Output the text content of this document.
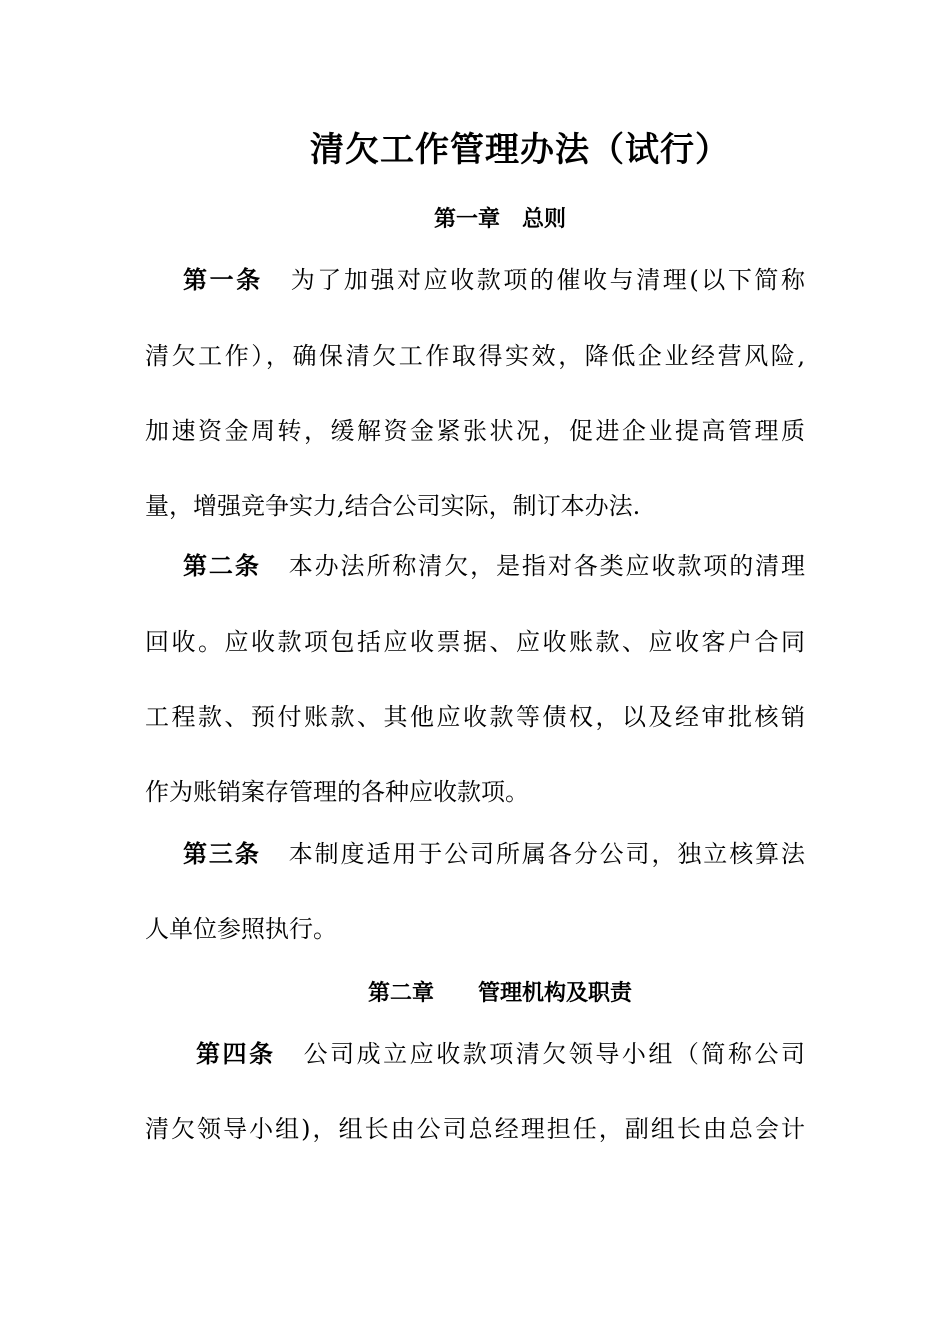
清欠工作管理办法（试行）
第一章　总则
第一条 为了加强对应收款项的催收与清理(以下简称
清欠工作），确保清欠工作取得实效，降低企业经营风险,
加速资金周转，缓解资金紧张状况，促进企业提高管理质
量，增强竞争实力,结合公司实际，制订本办法.
第二条 本办法所称清欠，是指对各类应收款项的清理
回收。应收款项包括应收票据、应收账款、应收客户合同
工程款、预付账款、其他应收款等债权，以及经审批核销
作为账销案存管理的各种应收款项。
第三条 本制度适用于公司所属各分公司，独立核算法
人单位参照执行。
第二章　　管理机构及职责
第四条 公司成立应收款项清欠领导小组（简称公司
清欠领导小组)，组长由公司总经理担任，副组长由总会计
